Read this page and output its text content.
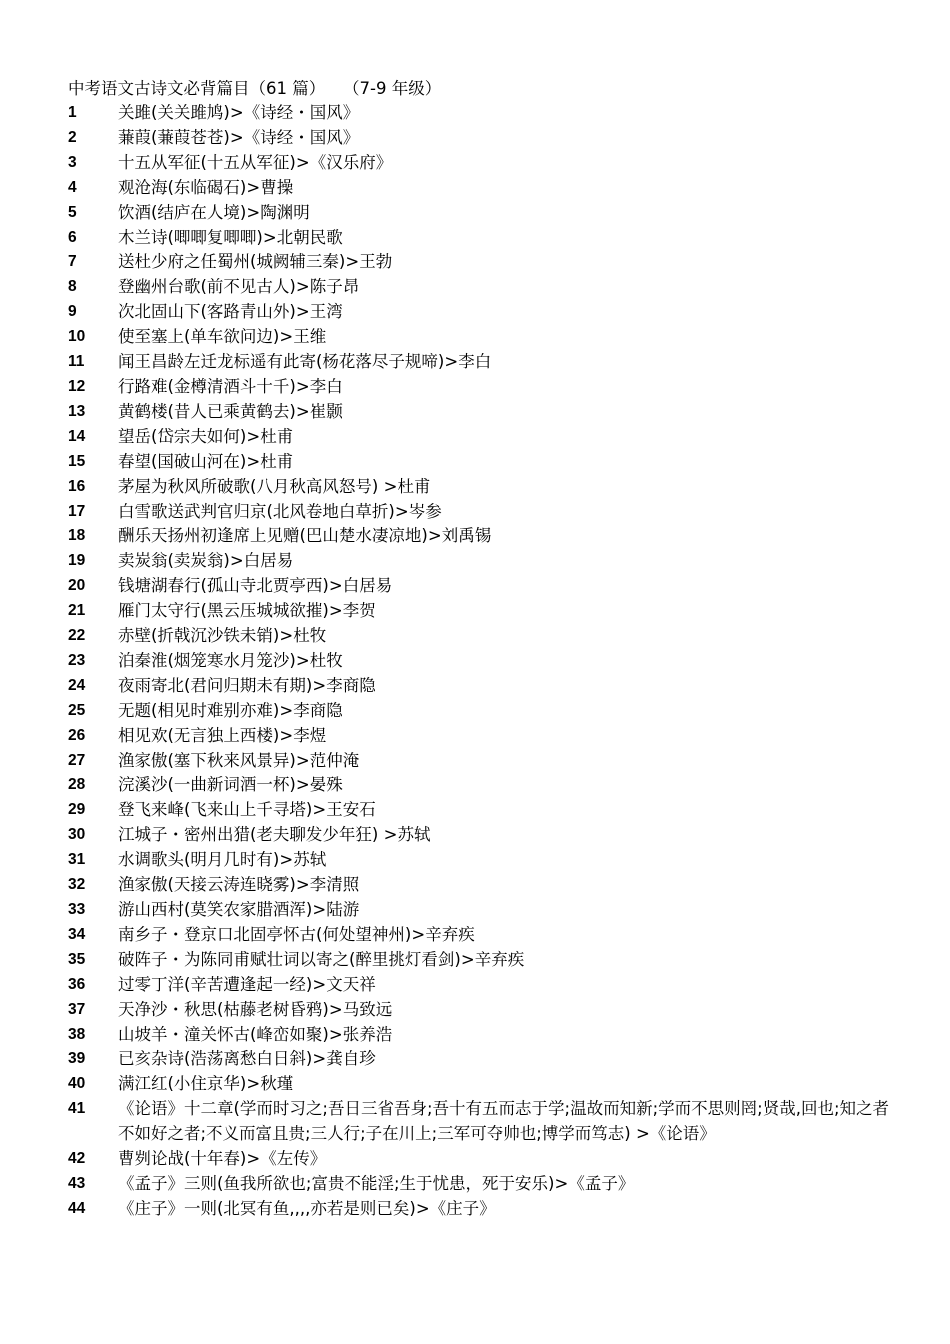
中考语文古诗文必背篇目（61 篇） （7-9 年级）
1	关雎(关关雎鸠)>《诗经・国风》
2	蒹葭(蒹葭苍苍)>《诗经・国风》
3	十五从军征(十五从军征)>《汉乐府》
4	观沧海(东临碣石)>曹操
5	饮酒(结庐在人境)>陶渊明
6	木兰诗(唧唧复唧唧)>北朝民歌
7	送杜少府之任蜀州(城阙辅三秦)>王勃
8	登幽州台歌(前不见古人)>陈子昂
9	次北固山下(客路青山外)>王湾
10	使至塞上(单车欲问边)>王维
11	闻王昌龄左迁龙标遥有此寄(杨花落尽子规啼)>李白
12	行路难(金樽清酒斗十千)>李白
13	黄鹤楼(昔人已乘黄鹤去)>崔颢
14	望岳(岱宗夫如何)>杜甫
15	春望(国破山河在)>杜甫
16	茅屋为秋风所破歌(八月秋高风怒号) >杜甫
17	白雪歌送武判官归京(北风卷地白草折)>岑参
18	酬乐天扬州初逢席上见赠(巴山楚水凄凉地)>刘禹锡
19	卖炭翁(卖炭翁)>白居易
20	钱塘湖春行(孤山寺北贾亭西)>白居易
21	雁门太守行(黑云压城城欲摧)>李贺
22	赤壁(折戟沉沙铁未销)>杜牧
23	泊秦淮(烟笼寒水月笼沙)>杜牧
24	夜雨寄北(君问归期未有期)>李商隐
25	无题(相见时难别亦难)>李商隐
26	相见欢(无言独上西楼)>李煜
27	渔家傲(塞下秋来风景异)>范仲淹
28	浣溪沙(一曲新词酒一杯)>晏殊
29	登飞来峰(飞来山上千寻塔)>王安石
30	江城子・密州出猎(老夫聊发少年狂) >苏轼
31	水调歌头(明月几时有)>苏轼
32	渔家傲(天接云涛连晓雾)>李清照
33	游山西村(莫笑农家腊酒浑)>陆游
34	南乡子・登京口北固亭怀古(何处望神州)>辛弃疾
35	破阵子・为陈同甫赋壮词以寄之(醉里挑灯看剑)>辛弃疾
36	过零丁洋(辛苦遭逢起一经)>文天祥
37	天净沙・秋思(枯藤老树昏鸦)>马致远
38	山坡羊・潼关怀古(峰峦如聚)>张养浩
39	已亥杂诗(浩荡离愁白日斜)>龚自珍
40	满江红(小住京华)>秋瑾
41	《论语》十二章(学而时习之;吾日三省吾身;吾十有五而志于学;温故而知新;学而不思则罔;贤哉,回也;知之者不如好之者;不义而富且贵;三人行;子在川上;三军可夺帅也;博学而笃志) >《论语》
42	曹刿论战(十年春)>《左传》
43	《孟子》三则(鱼我所欲也;富贵不能淫;生于忧患，死于安乐)>《孟子》
44	《庄子》一则(北冥有鱼,,,,亦若是则已矣)>《庄子》
